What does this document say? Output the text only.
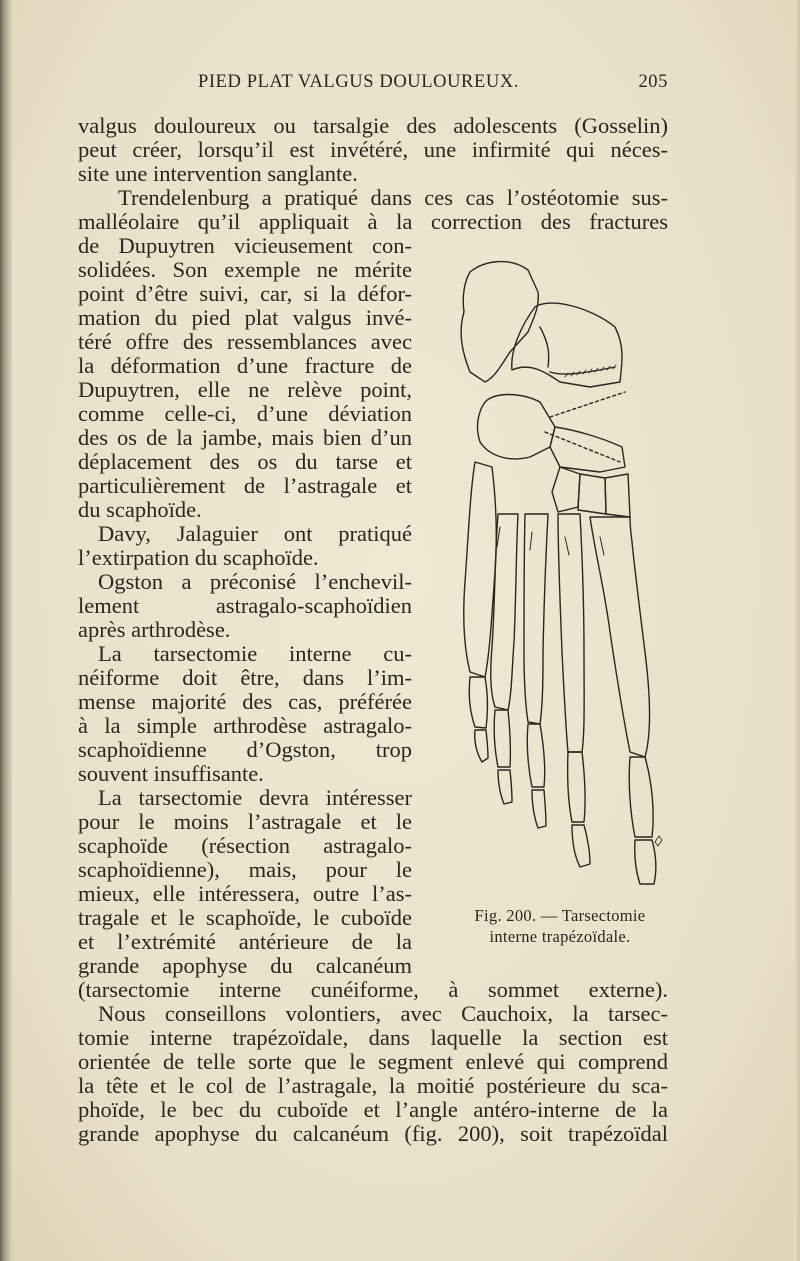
PIED PLAT VALGUS DOULOUREUX.	205
valgus douloureux ou tarsalgie des adolescents (Gosselin)
peut créer, lorsqu’il est invétéré, une infirmité qui néces-
site une intervention sanglante.
Trendelenburg a pratiqué dans ces cas l’ostéotomie sus-
malléolaire qu’il appliquait à la correction des fractures
de Dupuytren vicieusement con-
solidées. Son exemple ne mérite
point d’être suivi, car, si la défor-
mation du pied plat valgus invé-
téré offre des ressemblances avec
la déformation d’une fracture de
Dupuytren, elle ne relève point,
comme celle-ci, d’une déviation
des os de la jambe, mais bien d’un
déplacement des os du tarse et
particulièrement de l’astragale et
du scaphoïde.
Davy, Jalaguier ont pratiqué
l’extirpation du scaphoïde.
Ogston a préconisé l’enchevil-
lement astragalo-scaphoïdien
après arthrodèse.
La tarsectomie interne cu-
néiforme doit être, dans l’im-
mense majorité des cas, préférée
à la simple arthrodèse astragalo-
scaphoïdienne d’Ogston, trop
souvent insuffisante.
La tarsectomie devra intéresser
pour le moins l’astragale et le
scaphoïde (résection astragalo-
scaphoïdienne), mais, pour le
mieux, elle intéressera, outre l’as-
tragale et le scaphoïde, le cuboïde
et l’extrémité antérieure de la
grande apophyse du calcanéum
(tarsectomie interne cunéiforme, à sommet externe).
Nous conseillons volontiers, avec Cauchoix, la tarsec-
tomie interne trapézoïdale, dans laquelle la section est
orientée de telle sorte que le segment enlevé qui comprend
la tête et le col de l’astragale, la moitié postérieure du sca-
phoïde, le bec du cuboïde et l’angle antéro-interne de la
grande apophyse du calcanéum (fig. 200), soit trapézoïdal
Fig. 200. — Tarsectomie
interne trapézoïdale.
